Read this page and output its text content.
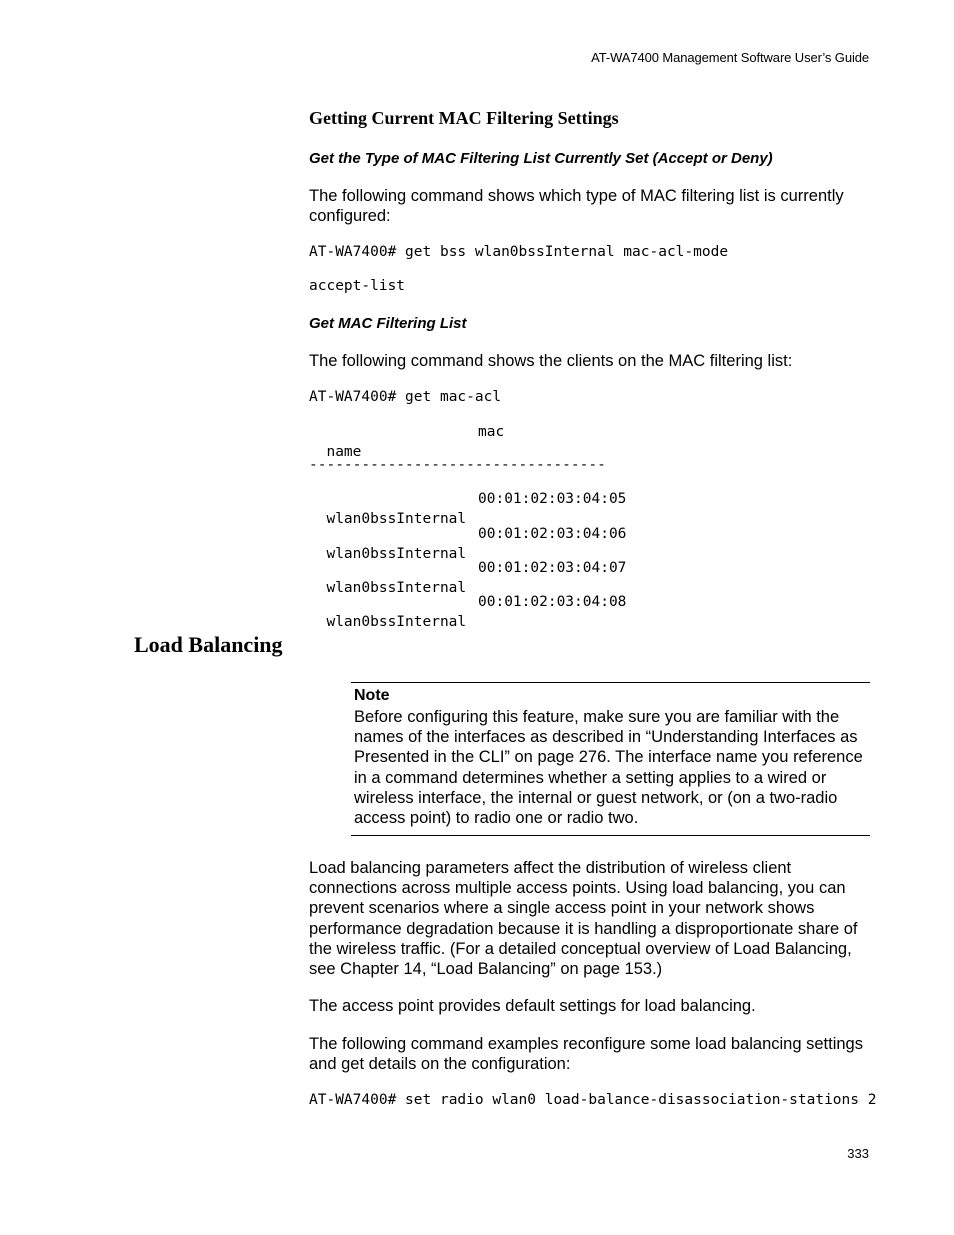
AT-WA7400 Management Software User’s Guide
Getting Current MAC Filtering Settings
Get the Type of MAC Filtering List Currently Set (Accept or Deny)
The following command shows which type of MAC filtering list is currently configured:
AT-WA7400# get bss wlan0bssInternal mac-acl-mode
accept-list
Get MAC Filtering List
The following command shows the clients on the MAC filtering list:
AT-WA7400# get mac-acl

name

mac

----------------------------------

wlan0bssInternal

00:01:02:03:04:05

wlan0bssInternal

00:01:02:03:04:06

wlan0bssInternal

00:01:02:03:04:07

wlan0bssInternal

00:01:02:03:04:08

Load Balancing
Note
Before configuring this feature, make sure you are familiar with the names of the interfaces as described in “Understanding Interfaces as Presented in the CLI” on page 276. The interface name you reference in a command determines whether a setting applies to a wired or wireless interface, the internal or guest network, or (on a two-radio access point) to radio one or radio two.
Load balancing parameters affect the distribution of wireless client connections across multiple access points. Using load balancing, you can prevent scenarios where a single access point in your network shows performance degradation because it is handling a disproportionate share of the wireless traffic. (For a detailed conceptual overview of Load Balancing, see Chapter 14, “Load Balancing” on page 153.)
The access point provides default settings for load balancing.
The following command examples reconfigure some load balancing settings and get details on the configuration:
AT-WA7400# set radio wlan0 load-balance-disassociation-stations 2
333
